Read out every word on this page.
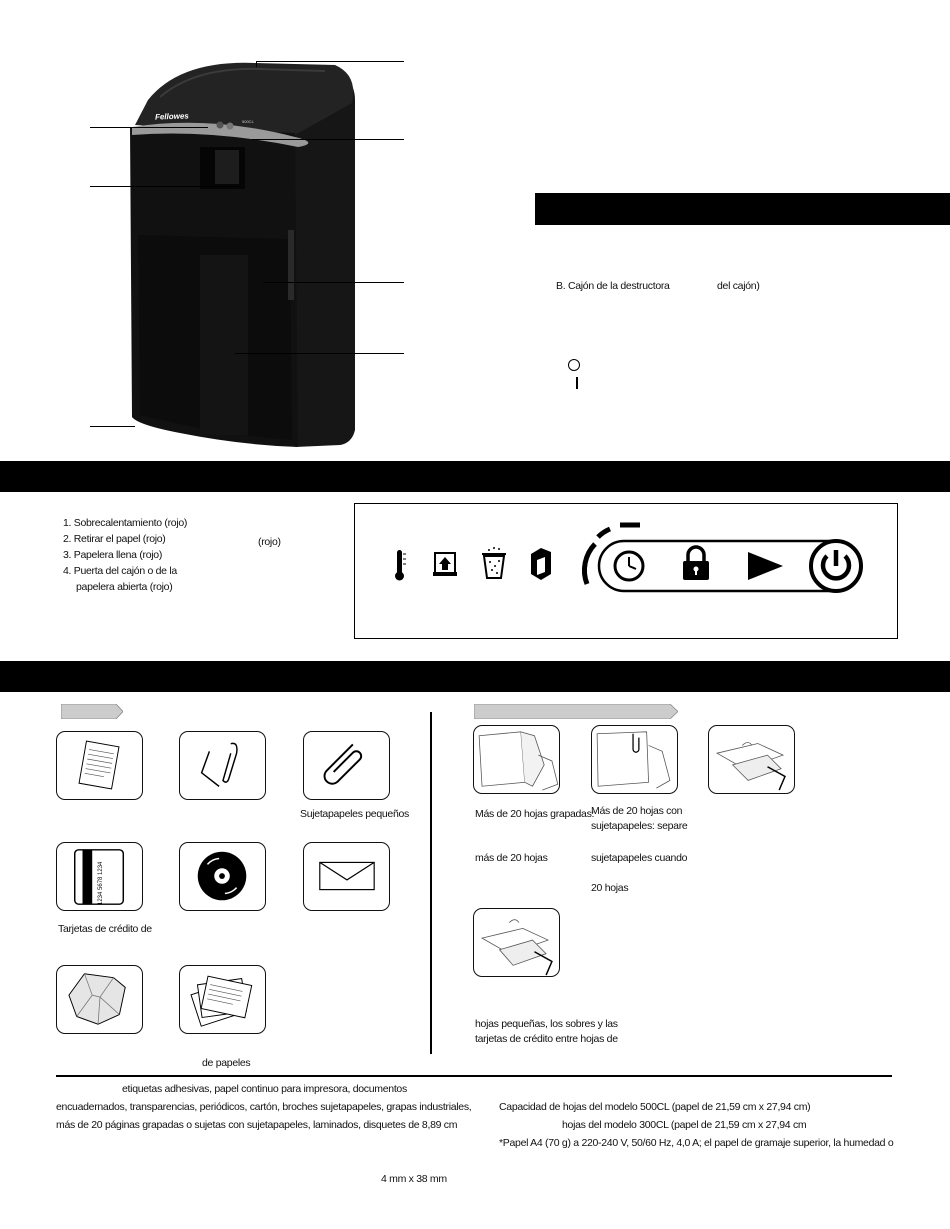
Fellowes	500CL
B. Cajón de la destructora	del cajón)
1. Sobrecalentamiento (rojo)
2. Retirar el papel (rojo)
3. Papelera llena (rojo)
4. Puerta del cajón o de la
papelera abierta (rojo)
(rojo)
Sujetapapeles pequeños
1234 5678 1234
Tarjetas de crédito de
de papeles
Más de 20 hojas grapadas:
más de 20 hojas
Más de 20 hojas con
sujetapapeles: separe
sujetapapeles cuando
20 hojas
hojas pequeñas, los sobres y las
tarjetas de crédito entre hojas de
etiquetas adhesivas, papel continuo para impresora, documentos
encuadernados, transparencias, periódicos, cartón, broches sujetapapeles, grapas industriales,
más de 20 páginas grapadas o sujetas con sujetapapeles, laminados, disquetes de 8,89 cm
4 mm x 38 mm
Capacidad de hojas del modelo 500CL (papel de 21,59 cm x 27,94 cm)
hojas del modelo 300CL (papel de 21,59 cm x 27,94 cm
*Papel A4 (70 g) a 220-240 V, 50/60 Hz, 4,0 A; el papel de gramaje superior, la humedad o
